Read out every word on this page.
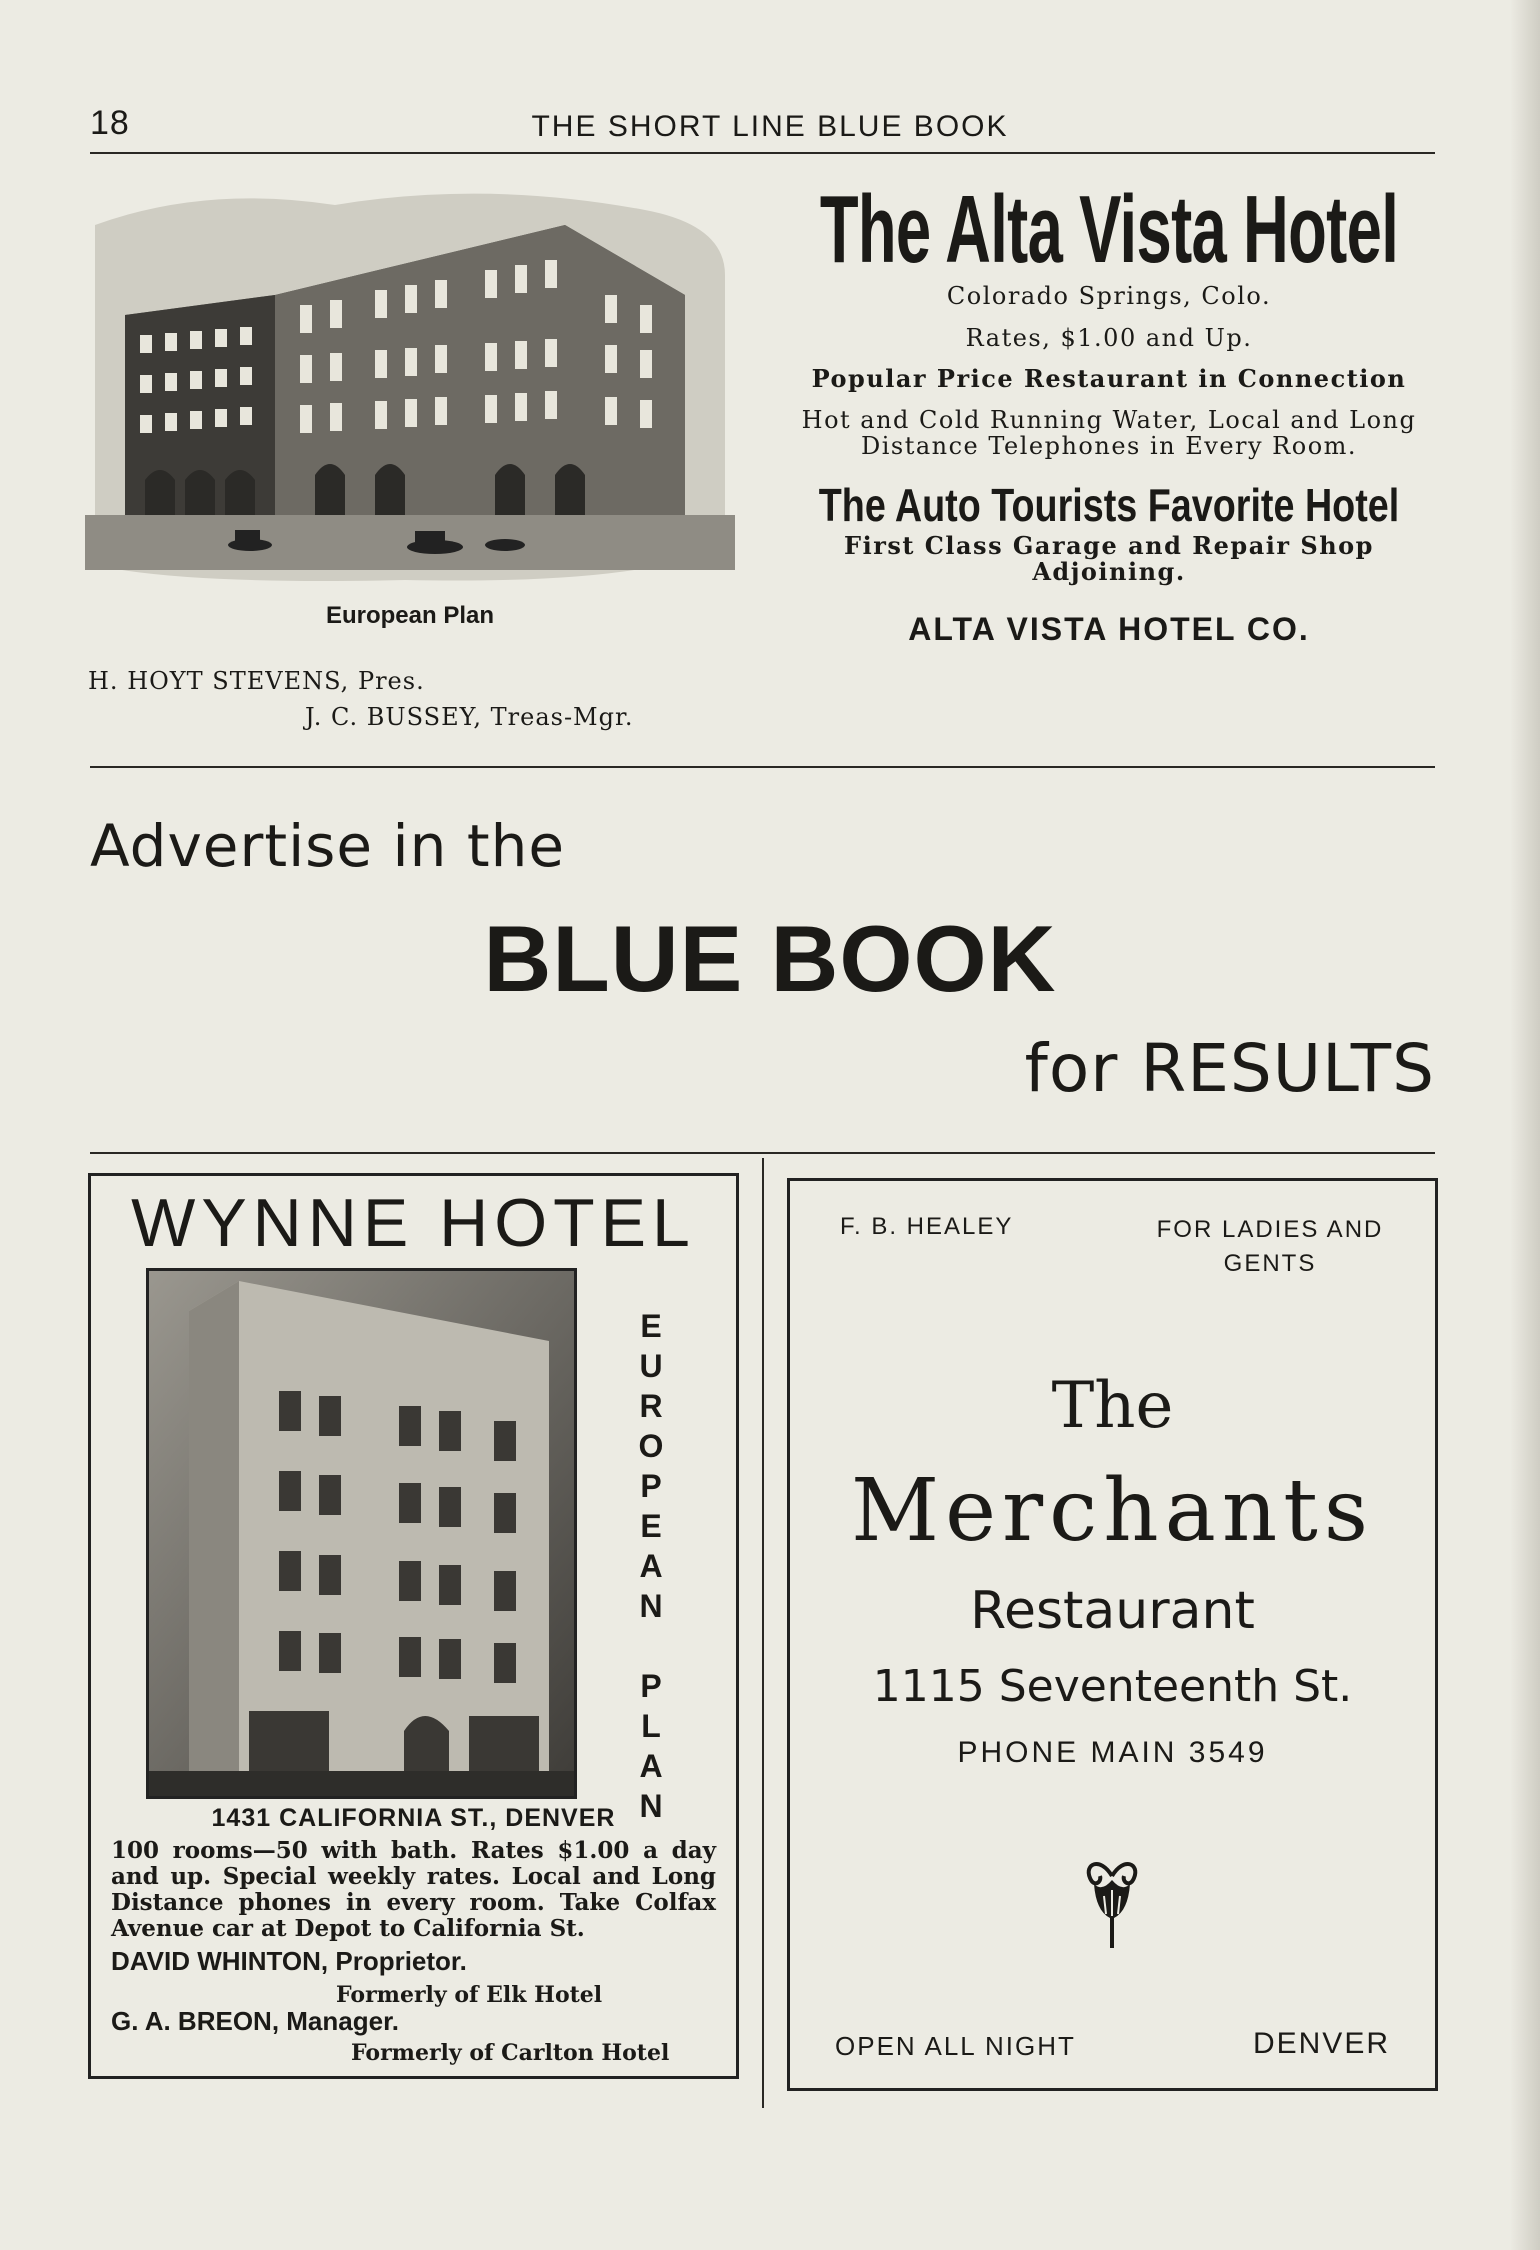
18	THE SHORT LINE BLUE BOOK
European Plan
H. HOYT STEVENS, Pres.
J. C. BUSSEY, Treas-Mgr.
The Alta Vista Hotel
Colorado Springs, Colo.
Rates, $1.00 and Up.
Popular Price Restaurant in Connection
Hot and Cold Running Water, Local and Long Distance Telephones in Every Room.
The Auto Tourists Favorite Hotel
First Class Garage and Repair Shop Adjoining.
ALTA VISTA HOTEL CO.
Advertise in the
BLUE BOOK
for RESULTS
WYNNE HOTEL
E
U
R
O
P
E
A
N
P
L
A
N
1431 CALIFORNIA ST., DENVER
100 rooms—50 with bath. Rates $1.00 a day and up. Special weekly rates. Local and Long Distance phones in every room. Take Colfax Avenue car at Depot to California St.
DAVID WHINTON, Proprietor.
Formerly of Elk Hotel
G. A. BREON, Manager.
Formerly of Carlton Hotel
F. B. HEALEY	FOR LADIES AND GENTS
The
Merchants
Restaurant
1115 Seventeenth St.
PHONE MAIN 3549
OPEN ALL NIGHT	DENVER
